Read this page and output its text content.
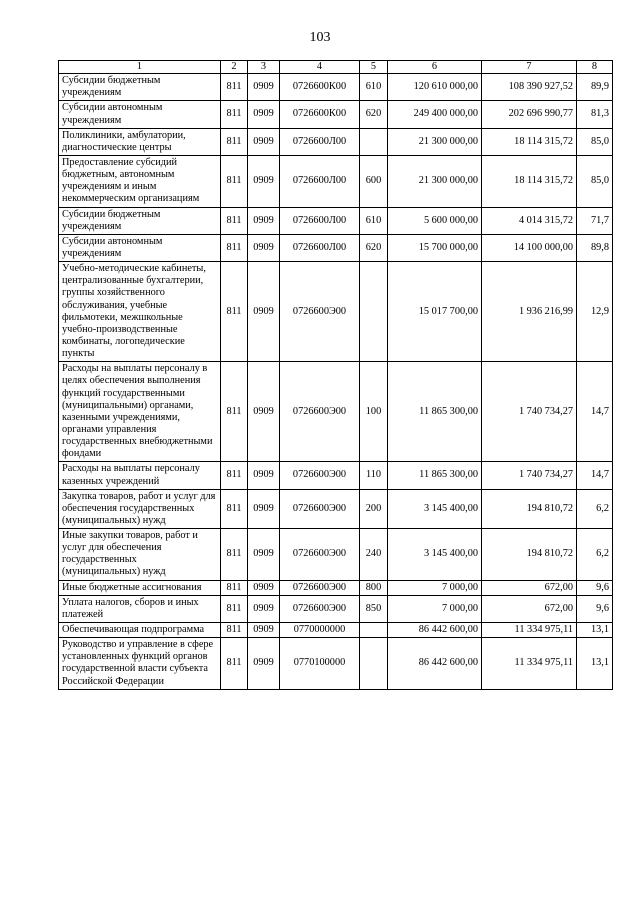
103
1	2	3	4	5	6	7	8
Субсидии бюджетным учреждениям	811	0909	0726600К00	610	120 610 000,00	108 390 927,52	89,9
Субсидии автономным учреждениям	811	0909	0726600К00	620	249 400 000,00	202 696 990,77	81,3
Поликлиники, амбулатории, диагностические центры	811	0909	0726600Л00		21 300 000,00	18 114 315,72	85,0
Предоставление субсидий бюджетным, автономным учреждениям и иным некоммерческим организациям	811	0909	0726600Л00	600	21 300 000,00	18 114 315,72	85,0
Субсидии бюджетным учреждениям	811	0909	0726600Л00	610	5 600 000,00	4 014 315,72	71,7
Субсидии автономным учреждениям	811	0909	0726600Л00	620	15 700 000,00	14 100 000,00	89,8
Учебно-методические кабинеты, централизованные бухгалтерии, группы хозяйственного обслуживания, учебные фильмотеки, межшкольные учебно-производственные комбинаты, логопедические пункты	811	0909	0726600Э00		15 017 700,00	1 936 216,99	12,9
Расходы на выплаты персоналу в целях обеспечения выполнения функций государственными (муниципальными) органами, казенными учреждениями, органами управления государственных внебюджетными фондами	811	0909	0726600Э00	100	11 865 300,00	1 740 734,27	14,7
Расходы на выплаты персоналу казенных учреждений	811	0909	0726600Э00	110	11 865 300,00	1 740 734,27	14,7
Закупка товаров, работ и услуг для обеспечения государственных (муниципальных) нужд	811	0909	0726600Э00	200	3 145 400,00	194 810,72	6,2
Иные закупки товаров, работ и услуг для обеспечения государственных (муниципальных) нужд	811	0909	0726600Э00	240	3 145 400,00	194 810,72	6,2
Иные бюджетные ассигнования	811	0909	0726600Э00	800	7 000,00	672,00	9,6
Уплата налогов, сборов и иных платежей	811	0909	0726600Э00	850	7 000,00	672,00	9,6
Обеспечивающая подпрограмма	811	0909	0770000000		86 442 600,00	11 334 975,11	13,1
Руководство и управление в сфере установленных функций органов государственной власти субъекта Российской Федерации	811	0909	0770100000		86 442 600,00	11 334 975,11	13,1
